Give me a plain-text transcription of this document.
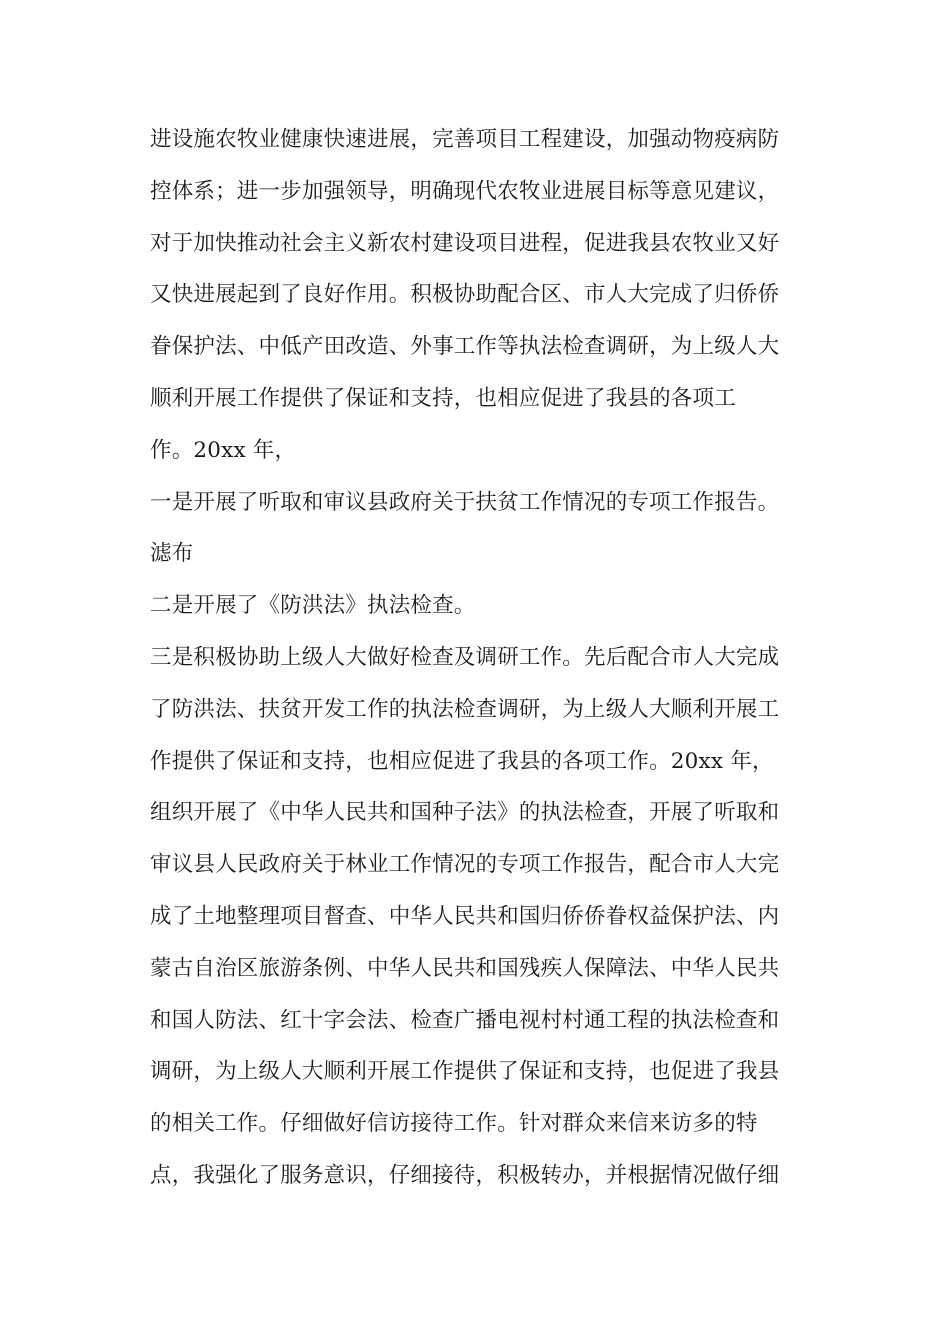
进设施农牧业健康快速进展，完善项目工程建设，加强动物疫病防
控体系；进一步加强领导，明确现代农牧业进展目标等意见建议，
对于加快推动社会主义新农村建设项目进程，促进我县农牧业又好
又快进展起到了良好作用。积极协助配合区、市人大完成了归侨侨
眷保护法、中低产田改造、外事工作等执法检查调研，为上级人大
顺利开展工作提供了保证和支持，也相应促进了我县的各项工
作。20xx 年，
一是开展了听取和审议县政府关于扶贫工作情况的专项工作报告。
滤布
二是开展了《防洪法》执法检查。
三是积极协助上级人大做好检查及调研工作。先后配合市人大完成
了防洪法、扶贫开发工作的执法检查调研，为上级人大顺利开展工
作提供了保证和支持，也相应促进了我县的各项工作。20xx 年，
组织开展了《中华人民共和国种子法》的执法检查，开展了听取和
审议县人民政府关于林业工作情况的专项工作报告，配合市人大完
成了土地整理项目督查、中华人民共和国归侨侨眷权益保护法、内
蒙古自治区旅游条例、中华人民共和国残疾人保障法、中华人民共
和国人防法、红十字会法、检查广播电视村村通工程的执法检查和
调研，为上级人大顺利开展工作提供了保证和支持，也促进了我县
的相关工作。仔细做好信访接待工作。针对群众来信来访多的特
点，我强化了服务意识，仔细接待，积极转办，并根据情况做仔细
